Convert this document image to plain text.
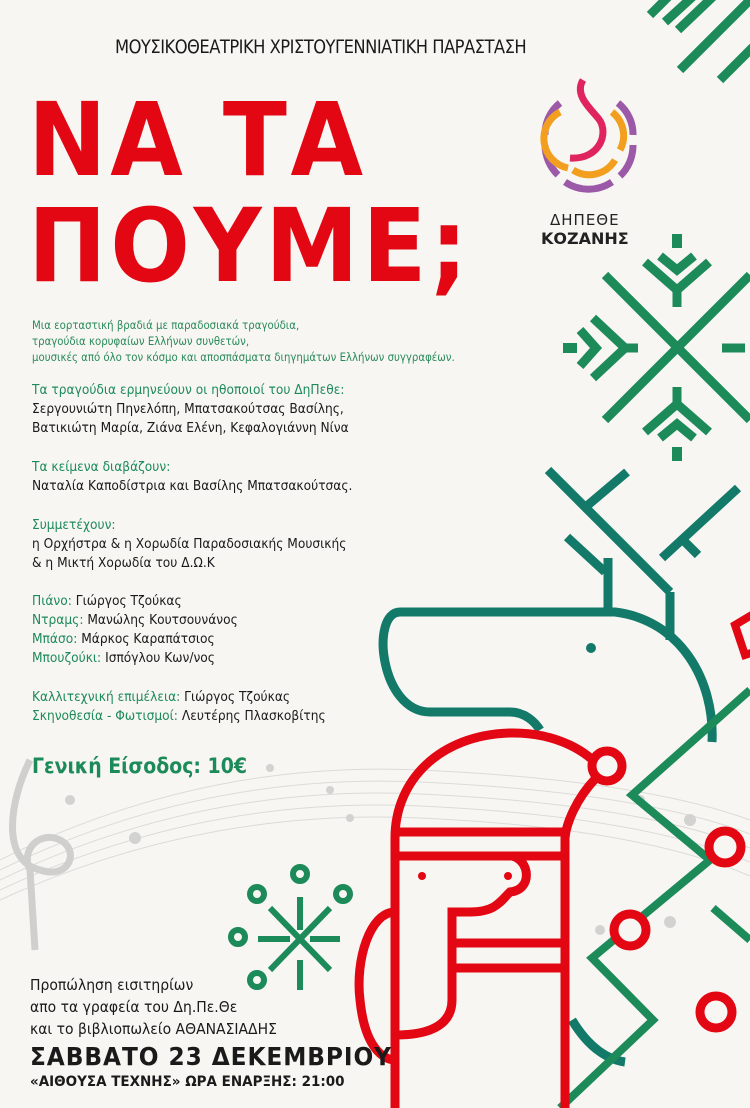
ΜΟΥΣΙΚΟΘΕΑΤΡΙΚΗ ΧΡΙΣΤΟΥΓΕΝΝΙΑΤΙΚΗ ΠΑΡΑΣΤΑΣΗ
ΝΑ ΤΑ
ΠΟΥΜΕ;	ΔΗΠΕΘΕ
ΚΟΖΑΝΗΣ
Μια εορταστική βραδιά με παραδοσιακά τραγούδια,
τραγούδια κορυφαίων Ελλήνων συνθετών,
μουσικές από όλο τον κόσμο και αποσπάσματα διηγημάτων Ελλήνων συγγραφέων.
Τα τραγούδια ερμηνεύουν οι ηθοποιοί του ΔηΠεθε:
Σεργουνιώτη Πηνελόπη, Μπατσακούτσας Βασίλης,
Βατικιώτη Μαρία, Ζιάνα Ελένη, Κεφαλογιάννη Νίνα
Τα κείμενα διαβάζουν:
Ναταλία Καποδίστρια και Βασίλης Μπατσακούτσας.
Συμμετέχουν:
η Ορχήστρα & η Χορωδία Παραδοσιακής Μουσικής
& η Μικτή Χορωδία του Δ.Ω.Κ
Πιάνο: Γιώργος Τζούκας
Ντραμς: Μανώλης Κουτσουνάνος
Μπάσο: Μάρκος Καραπάτσιος
Μπουζούκι: Ισπόγλου Κων/νος
Καλλιτεχνική επιμέλεια: Γιώργος Τζούκας
Σκηνοθεσία - Φωτισμοί: Λευτέρης Πλασκοβίτης
Γενική Είσοδος: 10€
Προπώληση εισιτηρίων
απο τα γραφεία του Δη.Πε.Θε
και το βιβλιοπωλείο ΑΘΑΝΑΣΙΑΔΗΣ
ΣΑΒΒΑΤΟ 23 ΔΕΚΕΜΒΡΙΟΥ
«ΑΙΘΟΥΣΑ ΤΕΧΝΗΣ» ΩΡΑ ΕΝΑΡΞΗΣ: 21:00
